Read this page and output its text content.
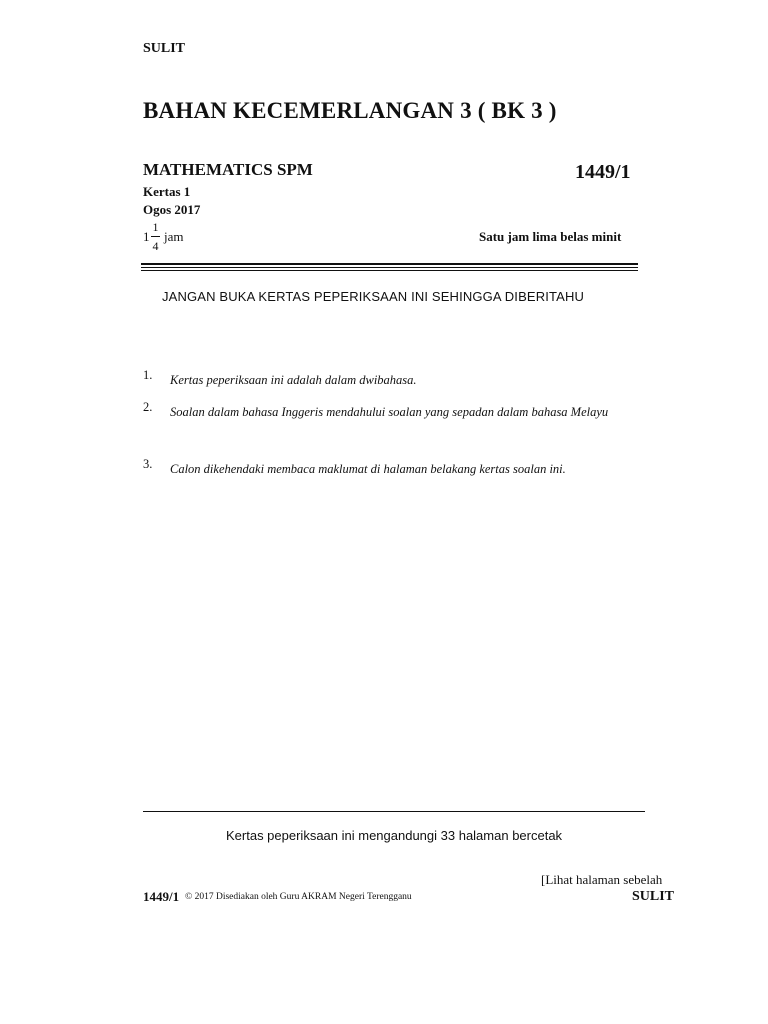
SULIT
BAHAN KECEMERLANGAN 3 ( BK 3 )
MATHEMATICS SPM	1449/1
Kertas 1
Ogos 2017
1
1
4
jam	Satu jam lima belas minit
JANGAN BUKA KERTAS PEPERIKSAAN INI SEHINGGA DIBERITAHU
1. Kertas peperiksaan ini adalah dalam dwibahasa.
2. Soalan dalam bahasa Inggeris mendahului soalan yang sepadan dalam bahasa Melayu
3. Calon dikehendaki membaca maklumat di halaman belakang kertas soalan ini.
Kertas peperiksaan ini mengandungi 33 halaman bercetak
[Lihat halaman sebelah
1449/1 © 2017 Disediakan oleh Guru AKRAM Negeri Terengganu	SULIT
